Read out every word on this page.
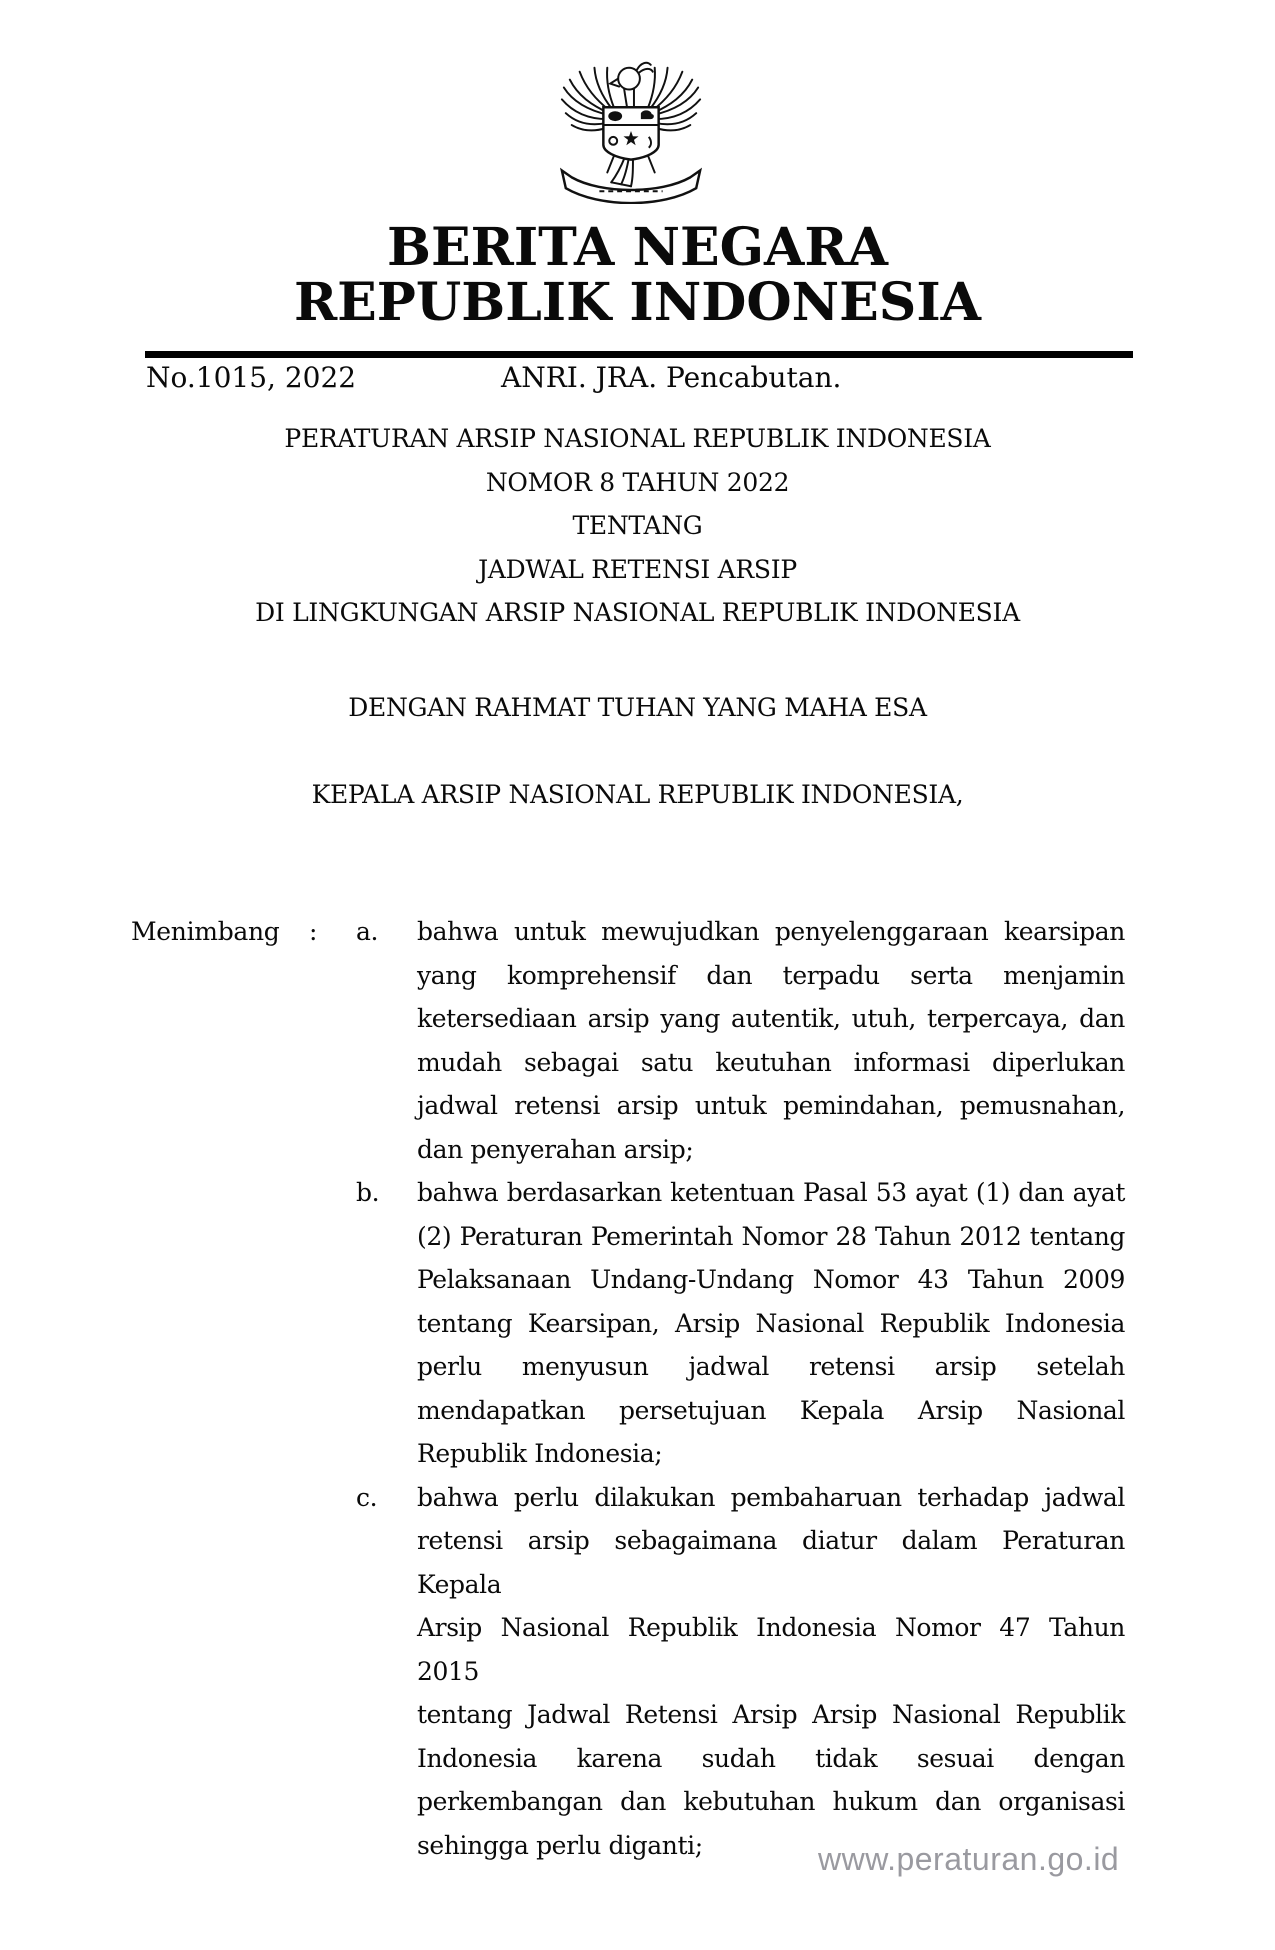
BERITA NEGARA
REPUBLIK INDONESIA
No.1015, 2022	ANRI. JRA. Pencabutan.
PERATURAN ARSIP NASIONAL REPUBLIK INDONESIA
NOMOR 8 TAHUN 2022
TENTANG
JADWAL RETENSI ARSIP
DI LINGKUNGAN ARSIP NASIONAL REPUBLIK INDONESIA
DENGAN RAHMAT TUHAN YANG MAHA ESA
KEPALA ARSIP NASIONAL REPUBLIK INDONESIA,
Menimbang : a.	bahwa untuk mewujudkan penyelenggaraan kearsipan
yang komprehensif dan terpadu serta menjamin
ketersediaan arsip yang autentik, utuh, terpercaya, dan
mudah sebagai satu keutuhan informasi diperlukan
jadwal retensi arsip untuk pemindahan, pemusnahan,
dan penyerahan arsip;
b.	bahwa berdasarkan ketentuan Pasal 53 ayat (1) dan ayat
(2) Peraturan Pemerintah Nomor 28 Tahun 2012 tentang
Pelaksanaan Undang-Undang Nomor 43 Tahun 2009
tentang Kearsipan, Arsip Nasional Republik Indonesia
perlu menyusun jadwal retensi arsip setelah
mendapatkan persetujuan Kepala Arsip Nasional
Republik Indonesia;
c.	bahwa perlu dilakukan pembaharuan terhadap jadwal
retensi arsip sebagaimana diatur dalam Peraturan Kepala
Arsip Nasional Republik Indonesia Nomor 47 Tahun 2015
tentang Jadwal Retensi Arsip Arsip Nasional Republik
Indonesia karena sudah tidak sesuai dengan
perkembangan dan kebutuhan hukum dan organisasi
sehingga perlu diganti;	www.peraturan.go.id
